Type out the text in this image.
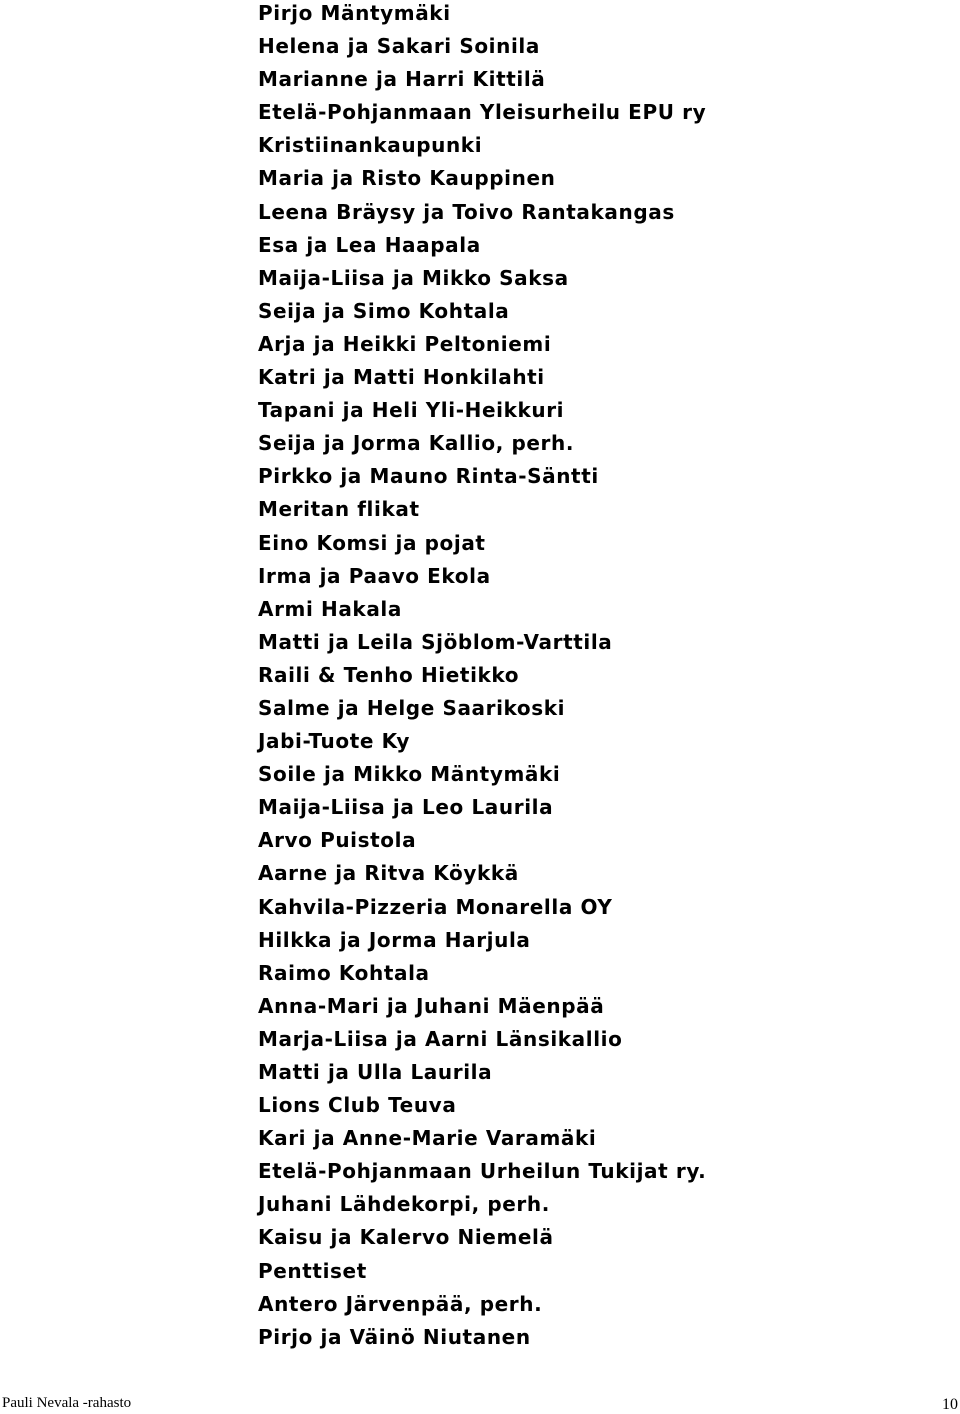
Pirjo Mäntymäki
Helena ja Sakari Soinila
Marianne ja Harri Kittilä
Etelä-Pohjanmaan Yleisurheilu EPU ry
Kristiinankaupunki
Maria ja Risto Kauppinen
Leena Bräysy ja Toivo Rantakangas
Esa ja Lea Haapala
Maija-Liisa ja Mikko Saksa
Seija ja Simo Kohtala
Arja ja Heikki Peltoniemi
Katri ja Matti Honkilahti
Tapani ja Heli Yli-Heikkuri
Seija ja Jorma Kallio, perh.
Pirkko ja Mauno Rinta-Säntti
Meritan flikat
Eino Komsi ja pojat
Irma ja Paavo Ekola
Armi Hakala
Matti ja Leila Sjöblom-Varttila
Raili & Tenho Hietikko
Salme ja Helge Saarikoski
Jabi-Tuote Ky
Soile ja Mikko Mäntymäki
Maija-Liisa ja Leo Laurila
Arvo Puistola
Aarne ja Ritva Köykkä
Kahvila-Pizzeria Monarella OY
Hilkka ja Jorma Harjula
Raimo Kohtala
Anna-Mari ja Juhani Mäenpää
Marja-Liisa ja Aarni Länsikallio
Matti ja Ulla Laurila
Lions Club Teuva
Kari ja Anne-Marie Varamäki
Etelä-Pohjanmaan Urheilun Tukijat ry.
Juhani Lähdekorpi, perh.
Kaisu ja Kalervo Niemelä
Penttiset
Antero Järvenpää, perh.
Pirjo ja Väinö Niutanen
Pauli Nevala -rahasto	10
